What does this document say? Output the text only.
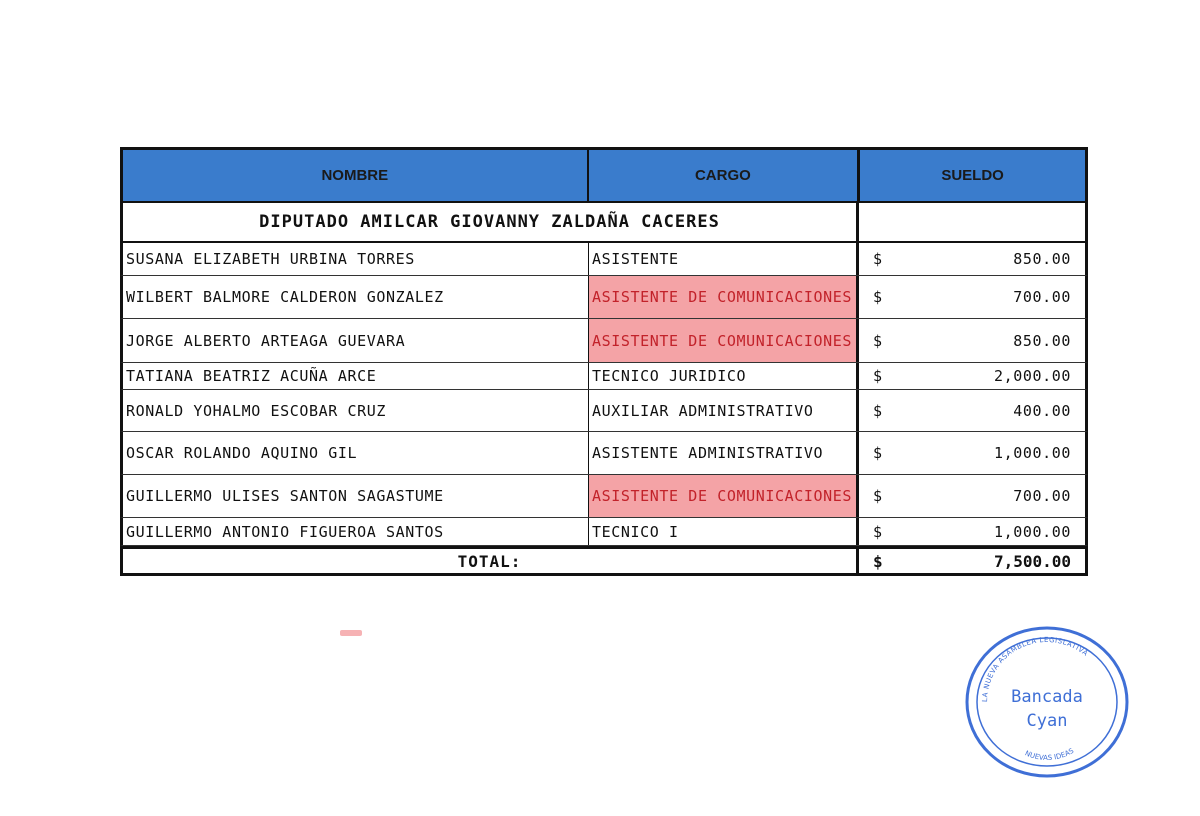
NOMBRE	CARGO	SUELDO
DIPUTADO AMILCAR GIOVANNY ZALDAÑA CACERES
SUSANA ELIZABETH URBINA TORRES	ASISTENTE	$	850.00
WILBERT BALMORE CALDERON GONZALEZ	ASISTENTE DE COMUNICACIONES	$	700.00
JORGE ALBERTO ARTEAGA GUEVARA	ASISTENTE DE COMUNICACIONES	$	850.00
TATIANA BEATRIZ ACUÑA ARCE	TECNICO JURIDICO	$	2,000.00
RONALD YOHALMO ESCOBAR CRUZ	AUXILIAR ADMINISTRATIVO	$	400.00
OSCAR ROLANDO AQUINO GIL	ASISTENTE ADMINISTRATIVO	$	1,000.00
GUILLERMO ULISES SANTON SAGASTUME	ASISTENTE DE COMUNICACIONES	$	700.00
GUILLERMO ANTONIO FIGUEROA SANTOS	TECNICO I	$	1,000.00
TOTAL:	$	7,500.00
LA NUEVA ASAMBLEA LEGISLATIVA
NUEVAS IDEAS
Bancada
Cyan
